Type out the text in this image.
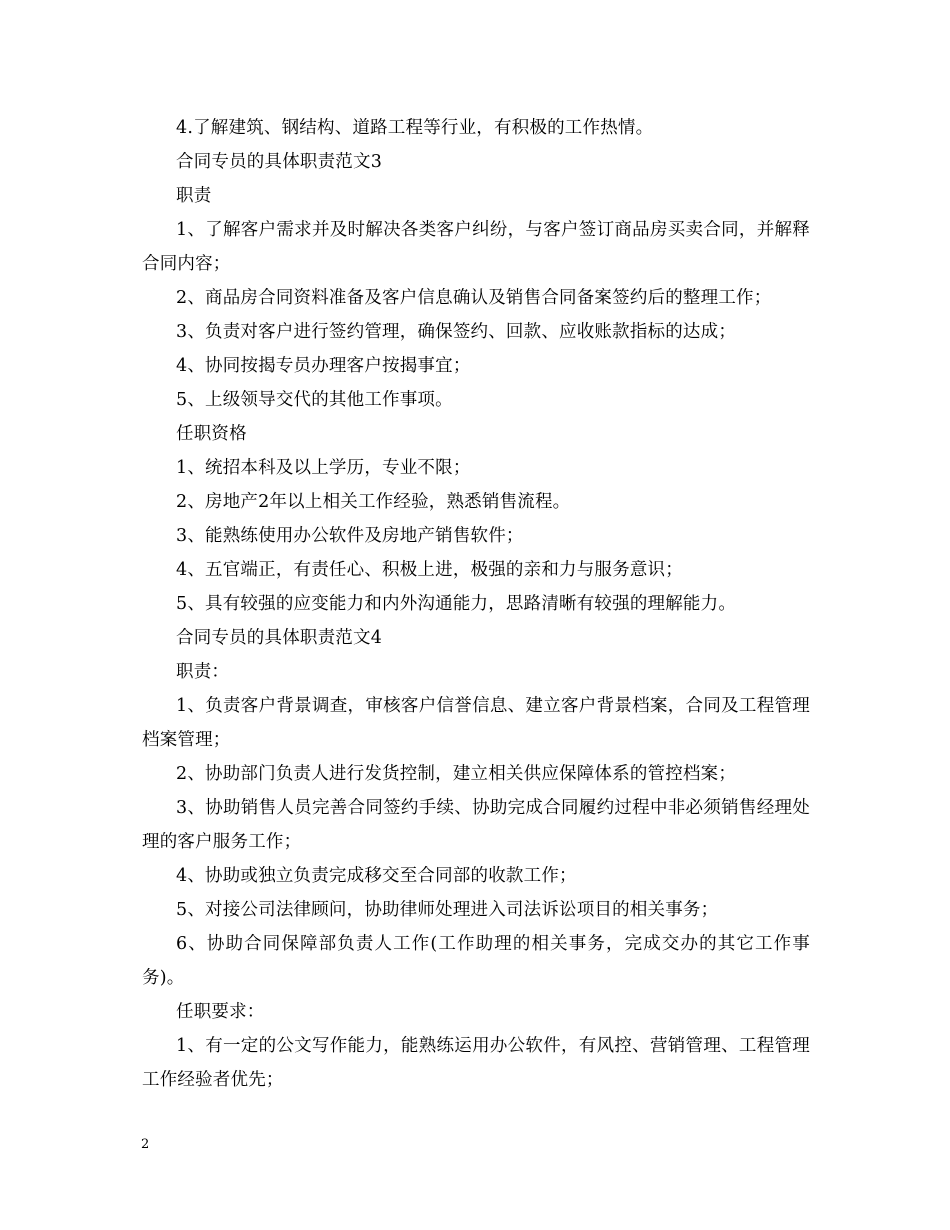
4.了解建筑、钢结构、道路工程等行业，有积极的工作热情。

合同专员的具体职责范文3

职责

1、了解客户需求并及时解决各类客户纠纷，与客户签订商品房买卖合同，并解释合同内容；

2、商品房合同资料准备及客户信息确认及销售合同备案签约后的整理工作；

3、负责对客户进行签约管理，确保签约、回款、应收账款指标的达成；

4、协同按揭专员办理客户按揭事宜；

5、上级领导交代的其他工作事项。

任职资格

1、统招本科及以上学历，专业不限；

2、房地产2年以上相关工作经验，熟悉销售流程。

3、能熟练使用办公软件及房地产销售软件；

4、五官端正，有责任心、积极上进，极强的亲和力与服务意识；

5、具有较强的应变能力和内外沟通能力，思路清晰有较强的理解能力。

合同专员的具体职责范文4

职责：

1、负责客户背景调查，审核客户信誉信息、建立客户背景档案，合同及工程管理档案管理；

2、协助部门负责人进行发货控制，建立相关供应保障体系的管控档案；

3、协助销售人员完善合同签约手续、协助完成合同履约过程中非必须销售经理处理的客户服务工作；

4、协助或独立负责完成移交至合同部的收款工作；

5、对接公司法律顾问，协助律师处理进入司法诉讼项目的相关事务；

6、协助合同保障部负责人工作(工作助理的相关事务，完成交办的其它工作事务)。

任职要求：

1、有一定的公文写作能力，能熟练运用办公软件，有风控、营销管理、工程管理工作经验者优先；

2
